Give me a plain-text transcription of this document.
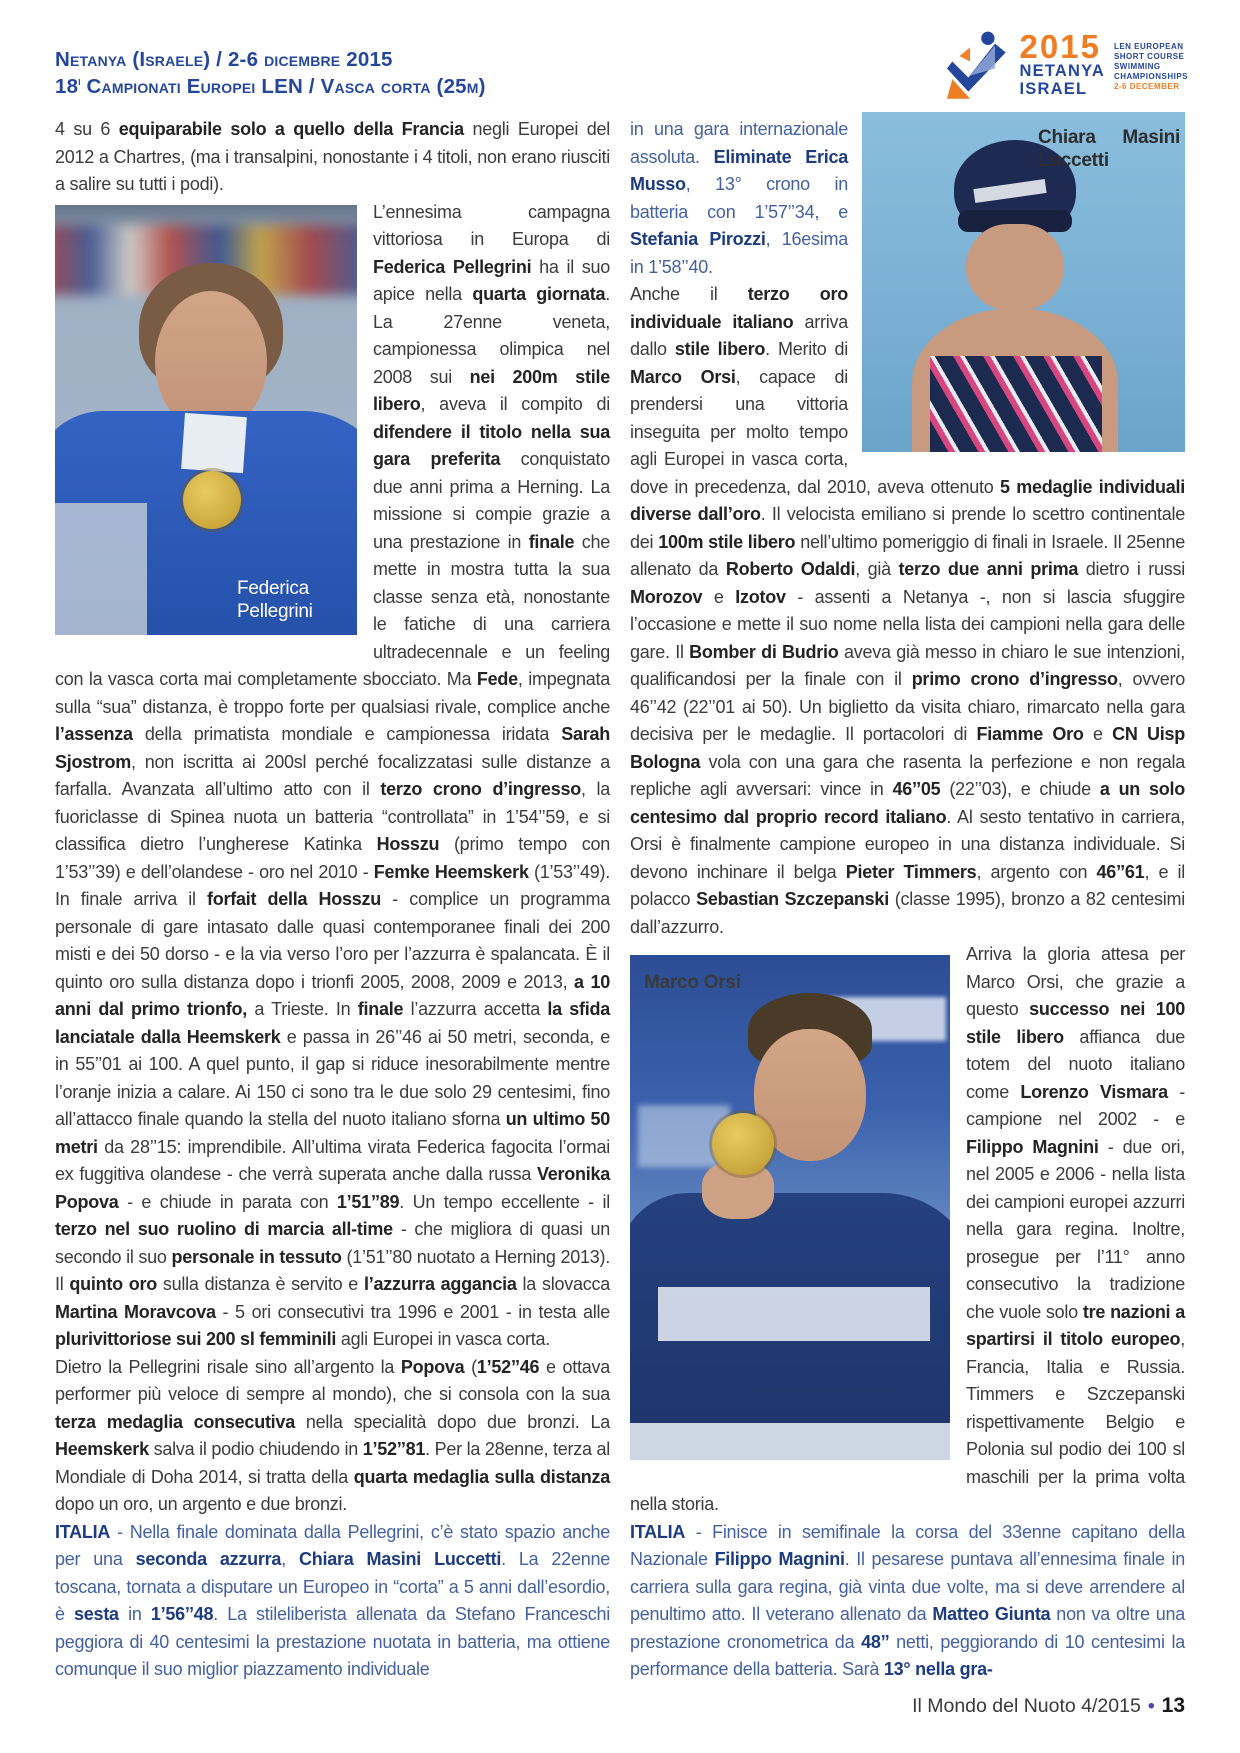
Netanya (Israele) / 2-6 dicembre 2015
18$^i$ Campionati Europei LEN / Vasca corta (25m)
2015
NETANYA
ISRAEL
LEN EUROPEAN
SHORT COURSE
SWIMMING
CHAMPIONSHIPS
2-6 DECEMBER

4 su 6 equiparabile solo a quello della Francia negli Europei del 2012 a Chartres, (ma i transalpini, nonostante i 4 titoli, non erano riusciti a salire su tutti i podi).

Federica Pellegrini

L’ennesima campagna vittoriosa in Europa di Federica Pellegrini ha il suo apice nella quarta giornata. La 27enne veneta, campionessa olimpica nel 2008 sui nei 200m stile libero, aveva il compito di difendere il titolo nella sua gara preferita conquistato due anni prima a Herning. La missione si compie grazie a una prestazione in finale che mette in mostra tutta la sua classe senza età, nonostante le fatiche di una carriera ultradecennale e un feeling con la vasca corta mai completamente sbocciato. Ma Fede, impegnata sulla “sua” distanza, è troppo forte per qualsiasi rivale, complice anche l’assenza della primatista mondiale e campionessa iridata Sarah Sjostrom, non iscritta ai 200sl perché focalizzatasi sulle distanze a farfalla. Avanzata all’ultimo atto con il terzo crono d’ingresso, la fuoriclasse di Spinea nuota un batteria “controllata” in 1’54’’59, e si classifica dietro l’ungherese Katinka Hosszu (primo tempo con 1’53’’39) e dell’olandese - oro nel 2010 - Femke Heemskerk (1’53’’49). In finale arriva il forfait della Hosszu - complice un programma personale di gare intasato dalle quasi contemporanee finali dei 200 misti e dei 50 dorso - e la via verso l’oro per l’azzurra è spalancata. È il quinto oro sulla distanza dopo i trionfi 2005, 2008, 2009 e 2013, a 10 anni dal primo trionfo, a Trieste. In finale l’azzurra accetta la sfida lanciatale dalla Heemskerk e passa in 26’’46 ai 50 metri, seconda, e in 55’’01 ai 100. A quel punto, il gap si riduce inesorabilmente mentre l’oranje inizia a calare. Ai 150 ci sono tra le due solo 29 centesimi, fino all’attacco finale quando la stella del nuoto italiano sforna un ultimo 50 metri da 28’’15: imprendibile. All’ultima virata Federica fagocita l’ormai ex fuggitiva olandese - che verrà superata anche dalla russa Veronika Popova - e chiude in parata con 1’51’’89. Un tempo eccellente - il terzo nel suo ruolino di marcia all-time - che migliora di quasi un secondo il suo personale in tessuto (1’51’’80 nuotato a Herning 2013). Il quinto oro sulla distanza è servito e l’azzurra aggancia la slovacca Martina Moravcova - 5 ori consecutivi tra 1996 e 2001 - in testa alle plurivittoriose sui 200 sl femminili agli Europei in vasca corta.

Dietro la Pellegrini risale sino all’argento la Popova (1’52’’46 e ottava performer più veloce di sempre al mondo), che si consola con la sua terza medaglia consecutiva nella specialità dopo due bronzi. La Heemskerk salva il podio chiudendo in 1’52’’81. Per la 28enne, terza al Mondiale di Doha 2014, si tratta della quarta medaglia sulla distanza dopo un oro, un argento e due bronzi.

ITALIA - Nella finale dominata dalla Pellegrini, c’è stato spazio anche per una seconda azzurra, Chiara Masini Luccetti. La 22enne toscana, tornata a disputare un Europeo in “corta” a 5 anni dall’esordio, è sesta in 1’56’’48. La stileliberista allenata da Stefano Franceschi peggiora di 40 centesimi la prestazione nuotata in batteria, ma ottiene comunque il suo miglior piazzamento individuale

Chiara Masini Luccetti

in una gara internazionale assoluta. Eliminate Erica Musso, 13° crono in batteria con 1’57’’34, e Stefania Pirozzi, 16esima in 1’58’’40.

Anche il terzo oro individuale italiano arriva dallo stile libero. Merito di Marco Orsi, capace di prendersi una vittoria inseguita per molto tempo agli Europei in vasca corta, dove in precedenza, dal 2010, aveva ottenuto 5 medaglie individuali diverse dall’oro. Il velocista emiliano si prende lo scettro continentale dei 100m stile libero nell’ultimo pomeriggio di finali in Israele. Il 25enne allenato da Roberto Odaldi, già terzo due anni prima dietro i russi Morozov e Izotov - assenti a Netanya -, non si lascia sfuggire l’occasione e mette il suo nome nella lista dei campioni nella gara delle gare. Il Bomber di Budrio aveva già messo in chiaro le sue intenzioni, qualificandosi per la finale con il primo crono d’ingresso, ovvero 46’’42 (22’’01 ai 50). Un biglietto da visita chiaro, rimarcato nella gara decisiva per le medaglie. Il portacolori di Fiamme Oro e CN Uisp Bologna vola con una gara che rasenta la perfezione e non regala repliche agli avversari: vince in 46’’05 (22’’03), e chiude a un solo centesimo dal proprio record italiano. Al sesto tentativo in carriera, Orsi è finalmente campione europeo in una distanza individuale. Si devono inchinare il belga Pieter Timmers, argento con 46’’61, e il polacco Sebastian Szczepanski (classe 1995), bronzo a 82 centesimi dall’azzurro.

Marco Orsi

Arriva la gloria attesa per Marco Orsi, che grazie a questo successo nei 100 stile libero affianca due totem del nuoto italiano come Lorenzo Vismara - campione nel 2002 - e Filippo Magnini - due ori, nel 2005 e 2006 - nella lista dei campioni europei azzurri nella gara regina. Inoltre, prosegue per l’11° anno consecutivo la tradizione che vuole solo tre nazioni a spartirsi il titolo europeo, Francia, Italia e Russia. Timmers e Szczepanski rispettivamente Belgio e Polonia sul podio dei 100 sl maschili per la prima volta nella storia.

ITALIA - Finisce in semifinale la corsa del 33enne capitano della Nazionale Filippo Magnini. Il pesarese puntava all’ennesima finale in carriera sulla gara regina, già vinta due volte, ma si deve arrendere al penultimo atto. Il veterano allenato da Matteo Giunta non va oltre una prestazione cronometrica da 48’’ netti, peggiorando di 10 centesimi la performance della batteria. Sarà 13° nella gra-

Il Mondo del Nuoto 4/2015 • 13
